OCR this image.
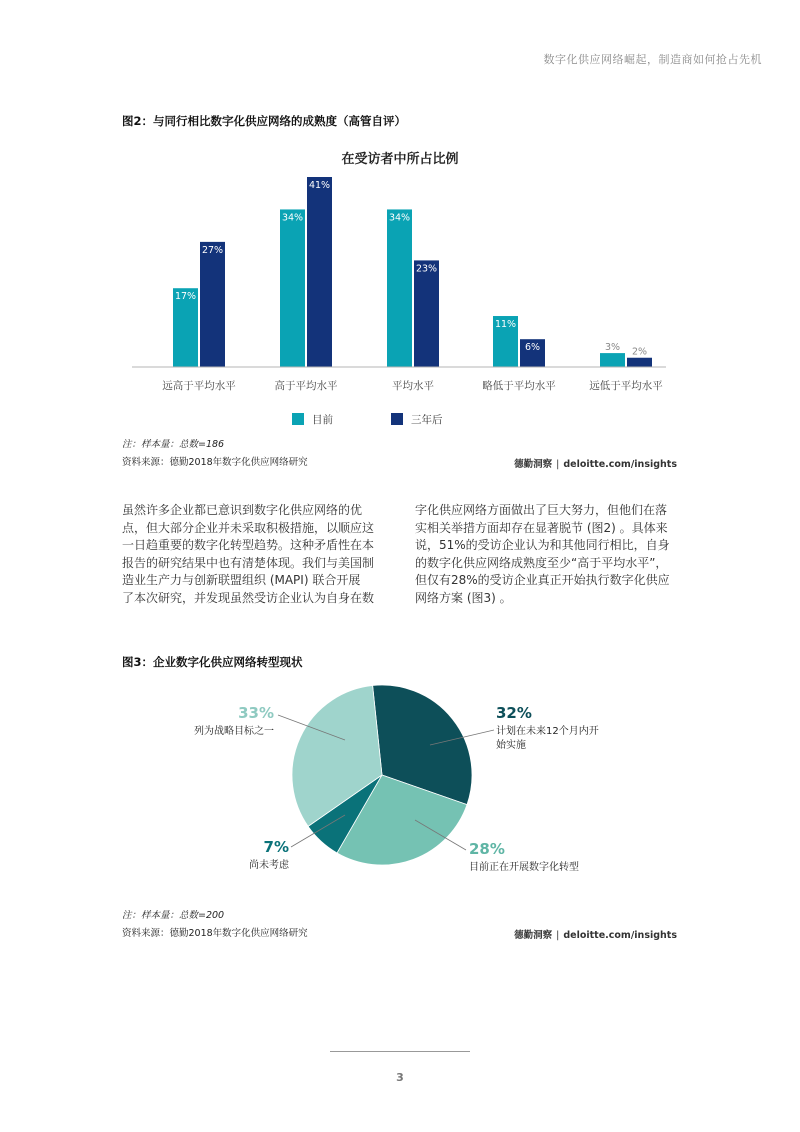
数字化供应网络崛起，制造商如何抢占先机
图2：与同行相比数字化供应网络的成熟度（高管自评）
在受访者中所占比例
17%
27%
34%
41%
34%
23%
11%
6%	3% 2%
远高于平均水平	高于平均水平	平均水平	略低于平均水平	远低于平均水平
目前	三年后
注：样本量：总数=186
资料来源：德勤2018年数字化供应网络研究	德勤洞察 | deloitte.com/insights
虽然许多企业都已意识到数字化供应网络的优
点，但大部分企业并未采取积极措施，以顺应这
一日趋重要的数字化转型趋势。这种矛盾性在本
报告的研究结果中也有清楚体现。我们与美国制
造业生产力与创新联盟组织 (MAPI) 联合开展
了本次研究，并发现虽然受访企业认为自身在数
字化供应网络方面做出了巨大努力，但他们在落
实相关举措方面却存在显著脱节 (图2) 。具体来
说，51%的受访企业认为和其他同行相比，自身
的数字化供应网络成熟度至少“高于平均水平”，
但仅有28%的受访企业真正开始执行数字化供应
网络方案 (图3) 。
图3：企业数字化供应网络转型现状
32%
计划在未来12个月内开
始实施
28%
目前正在开展数字化转型
7%
尚未考虑
33%
列为战略目标之一
注：样本量：总数=200
资料来源：德勤2018年数字化供应网络研究	德勤洞察 | deloitte.com/insights
3
